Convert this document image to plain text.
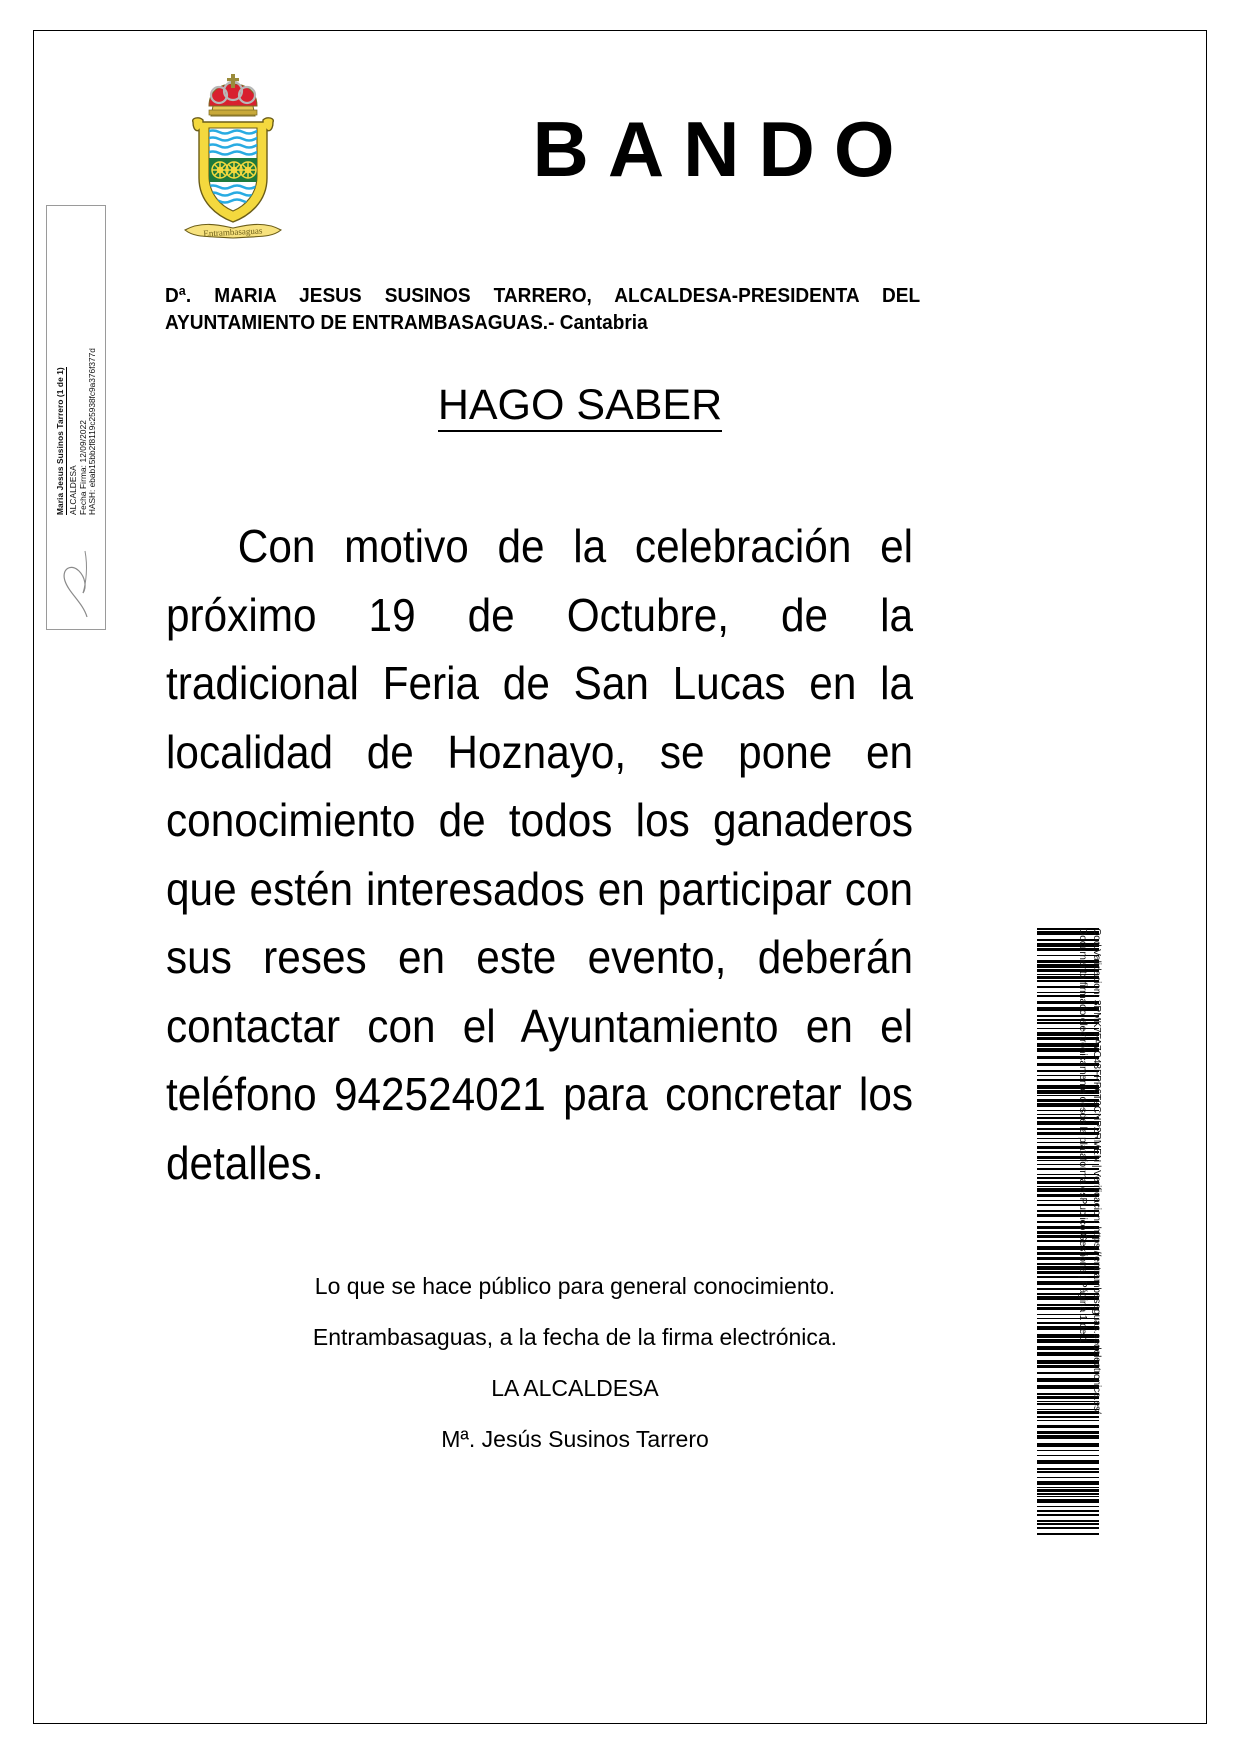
Maria Jesus Susinos Tarrero (1 de 1) ALCALDESA Fecha Firma: 12/09/2022 HASH: ebab15bb2f8119c25938fc9a376f377d
Entrambasaguas
BANDO
Dª. MARIA JESUS SUSINOS TARRERO, ALCALDESA-PRESIDENTA DEL
AYUNTAMIENTO DE ENTRAMBASAGUAS.- Cantabria
HAGO SABER
Con motivo de la celebración el próximo 19 de Octubre, de la tradicional Feria de San Lucas en la localidad de Hoznayo, se pone en conocimiento de todos los ganaderos que estén interesados en participar con sus reses en este evento, deberán contactar con el Ayuntamiento en el teléfono 942524021 para concretar los detalles.
Lo que se hace público para general conocimiento.
Entrambasaguas, a la fecha de la firma electrónica.
LA ALCALDESA
Mª. Jesús Susinos Tarrero
Cod.Validacion: 3PMK7FA7C43FPP6T9CNP2RMEN | Verificacion: https://entrambasaguas.sedelectronica.es/
Documento firmado electrónicamente desde la plataforma esPublico Gestiona | Página 1 de 1
